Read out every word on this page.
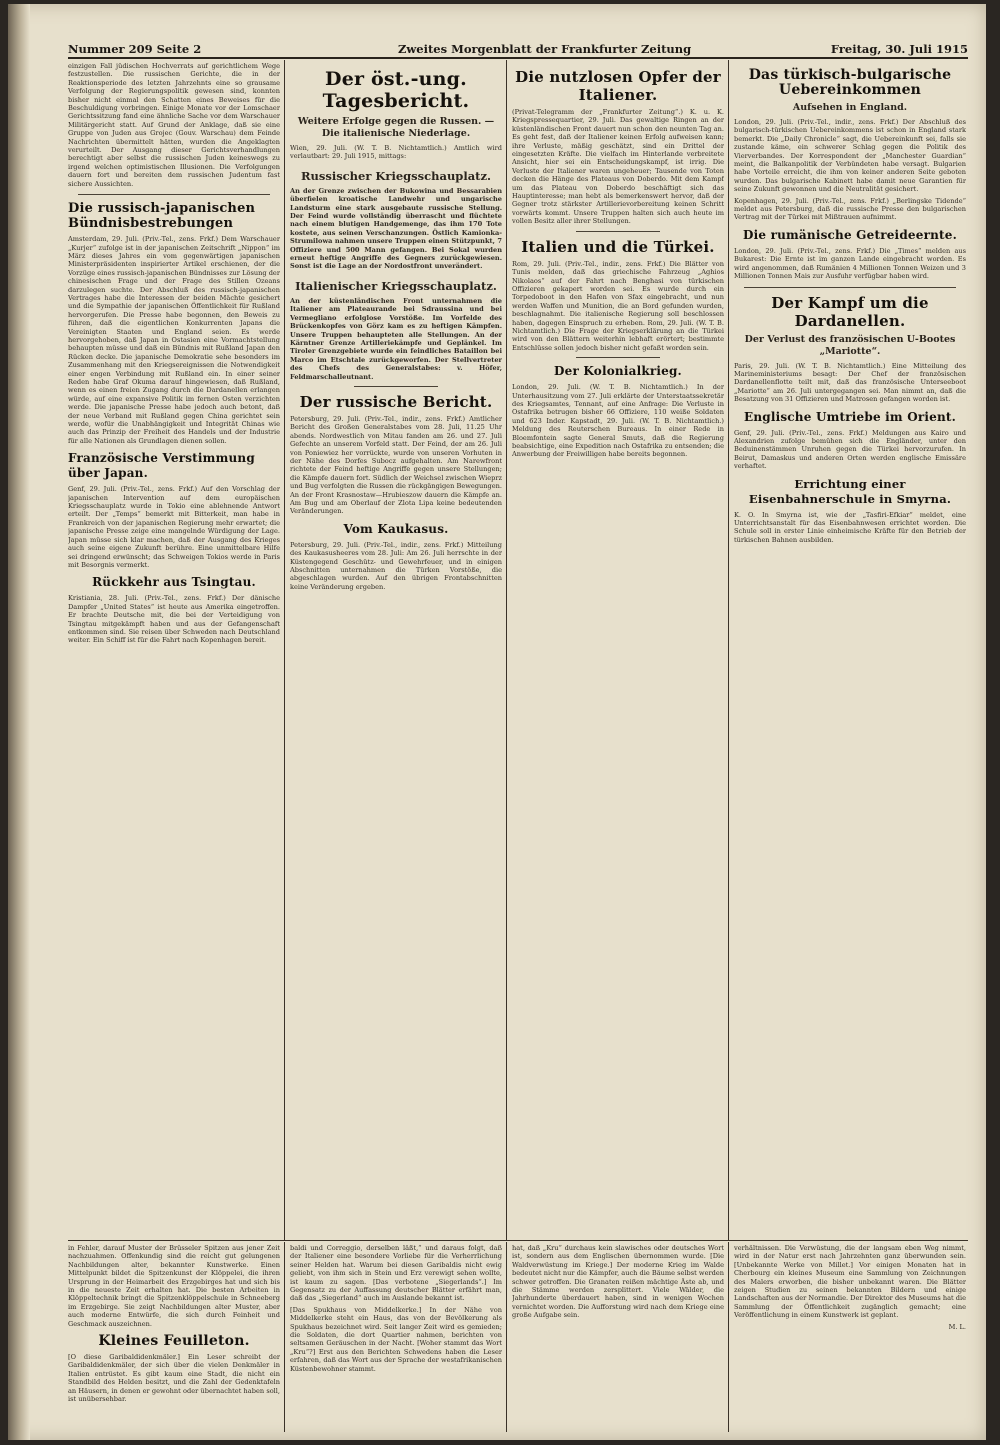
Nummer 209 Seite 2	Zweites Morgenblatt der Frankfurter Zeitung	Freitag, 30. Juli 1915

einzigen Fall jüdischen Hochverrats auf gerichtlichem Wege festzustellen. Die russischen Gerichte, die in der Reaktionsperiode des letzten Jahrzehnts eine so grausame Verfolgung der Regierungspolitik gewesen sind, konnten bisher nicht einmal den Schatten eines Beweises für die Beschuldigung vorbringen. Einige Monate vor der Lomschaer Gerichtssitzung fand eine ähnliche Sache vor dem Warschauer Militärgericht statt. Auf Grund der Anklage, daß sie eine Gruppe von Juden aus Grojec (Gouv. Warschau) dem Feinde Nachrichten übermittelt hätten, wurden die Angeklagten verurteilt. Der Ausgang dieser Gerichtsverhandlungen berechtigt aber selbst die russischen Juden keineswegs zu irgend welchen optimistischen Illusionen. Die Verfolgungen dauern fort und bereiten dem russischen Judentum fast sichere Aussichten.

Die russisch-japanischen Bündnisbestrebungen

Amsterdam, 29. Juli. (Priv.-Tel., zens. Frkf.) Dem Warschauer „Kurjer“ zufolge ist in der japanischen Zeitschrift „Nippon“ im März dieses Jahres ein vom gegenwärtigen japanischen Ministerpräsidenten inspirierter Artikel erschienen, der die Vorzüge eines russisch-japanischen Bündnisses zur Lösung der chinesischen Frage und der Frage des Stillen Ozeans darzulegen suchte. Der Abschluß des russisch-japanischen Vertrages habe die Interessen der beiden Mächte gesichert und die Sympathie der japanischen Öffentlichkeit für Rußland hervorgerufen. Die Presse habe begonnen, den Beweis zu führen, daß die eigentlichen Konkurrenten Japans die Vereinigten Staaten und England seien. Es werde hervorgehoben, daß Japan in Ostasien eine Vormachtstellung behaupten müsse und daß ein Bündnis mit Rußland Japan den Rücken decke. Die japanische Demokratie sehe besonders im Zusammenhang mit den Kriegsereignissen die Notwendigkeit einer engen Verbindung mit Rußland ein. In einer seiner Reden habe Graf Okuma darauf hingewiesen, daß Rußland, wenn es einen freien Zugang durch die Dardanellen erlangen würde, auf eine expansive Politik im fernen Osten verzichten werde. Die japanische Presse habe jedoch auch betont, daß der neue Verband mit Rußland gegen China gerichtet sein werde, wofür die Unabhängigkeit und Integrität Chinas wie auch das Prinzip der Freiheit des Handels und der Industrie für alle Nationen als Grundlagen dienen sollen.

Französische Verstimmung über Japan.

Genf, 29. Juli. (Priv.-Tel., zens. Frkf.) Auf den Vorschlag der japanischen Intervention auf dem europäischen Kriegsschauplatz wurde in Tokio eine ablehnende Antwort erteilt. Der „Temps“ bemerkt mit Bitterkeit, man habe in Frankreich von der japanischen Regierung mehr erwartet; die japanische Presse zeige eine mangelnde Würdigung der Lage. Japan müsse sich klar machen, daß der Ausgang des Krieges auch seine eigene Zukunft berühre. Eine unmittelbare Hilfe sei dringend erwünscht; das Schweigen Tokios werde in Paris mit Besorgnis vermerkt.

Rückkehr aus Tsingtau.

Kristiania, 28. Juli. (Priv.-Tel., zens. Frkf.) Der dänische Dampfer „United States“ ist heute aus Amerika eingetroffen. Er brachte Deutsche mit, die bei der Verteidigung von Tsingtau mitgekämpft haben und aus der Gefangenschaft entkommen sind. Sie reisen über Schweden nach Deutschland weiter. Ein Schiff ist für die Fahrt nach Kopenhagen bereit.

Der öst.-ung. Tagesbericht.
Weitere Erfolge gegen die Russen. — Die italienische Niederlage.

Wien, 29. Juli. (W. T. B. Nichtamtlich.) Amtlich wird verlautbart: 29. Juli 1915, mittags:

Russischer Kriegsschauplatz.

An der Grenze zwischen der Bukowina und Bessarabien überfielen kroatische Landwehr und ungarische Landsturm eine stark ausgebaute russische Stellung. Der Feind wurde vollständig überrascht und flüchtete nach einem blutigen Handgemenge, das ihm 170 Tote kostete, aus seinen Verschanzungen. Östlich Kamionka-Strumilowa nahmen unsere Truppen einen Stützpunkt, 7 Offiziere und 500 Mann gefangen. Bei Sokal wurden erneut heftige Angriffe des Gegners zurückgewiesen. Sonst ist die Lage an der Nordostfront unverändert.

Italienischer Kriegsschauplatz.

An der küstenländischen Front unternahmen die Italiener am Plateaurande bei Sdraussina und bei Vermegliano erfolglose Vorstöße. Im Vorfelde des Brückenkopfes von Görz kam es zu heftigen Kämpfen. Unsere Truppen behaupteten alle Stellungen. An der Kärntner Grenze Artilleriekämpfe und Geplänkel. Im Tiroler Grenzgebiete wurde ein feindliches Bataillon bei Marco im Etschtale zurückgeworfen. Der Stellvertreter des Chefs des Generalstabes: v. Höfer, Feldmarschalleutnant.

Der russische Bericht.

Petersburg, 29. Juli. (Priv.-Tel., indir., zens. Frkf.) Amtlicher Bericht des Großen Generalstabes vom 28. Juli, 11.25 Uhr abends. Nordwestlich von Mitau fanden am 26. und 27. Juli Gefechte an unserem Vorfeld statt. Der Feind, der am 26. Juli von Poniewiez her vorrückte, wurde von unseren Vorhuten in der Nähe des Dorfes Subocz aufgehalten. Am Narewfront richtete der Feind heftige Angriffe gegen unsere Stellungen; die Kämpfe dauern fort. Südlich der Weichsel zwischen Wieprz und Bug verfolgten die Russen die rückgängigen Bewegungen. An der Front Krasnostaw—Hrubieszow dauern die Kämpfe an. Am Bug und am Oberlauf der Zlota Lipa keine bedeutenden Veränderungen.

Vom Kaukasus.

Petersburg, 29. Juli. (Priv.-Tel., indir., zens. Frkf.) Mitteilung des Kaukasusheeres vom 28. Juli: Am 26. Juli herrschte in der Küstengegend Geschütz- und Gewehrfeuer, und in einigen Abschnitten unternahmen die Türken Vorstöße, die abgeschlagen wurden. Auf den übrigen Frontabschnitten keine Veränderung ergeben.

Die nutzlosen Opfer der Italiener.

(Privat-Telegramm der „Frankfurter Zeitung“.) K. u. K. Kriegspressequartier, 29. Juli. Das gewaltige Ringen an der küstenländischen Front dauert nun schon den neunten Tag an. Es geht fest, daß der Italiener keinen Erfolg aufweisen kann; ihre Verluste, mäßig geschätzt, sind ein Drittel der eingesetzten Kräfte. Die vielfach im Hinterlande verbreitete Ansicht, hier sei ein Entscheidungskampf, ist irrig. Die Verluste der Italiener waren ungeheuer; Tausende von Toten decken die Hänge des Plateaus von Doberdo. Mit dem Kampf um das Plateau von Doberdo beschäftigt sich das Hauptinteresse; man hebt als bemerkenswert hervor, daß der Gegner trotz stärkster Artillerievorbereitung keinen Schritt vorwärts kommt. Unsere Truppen halten sich auch heute im vollen Besitz aller ihrer Stellungen.

Italien und die Türkei.

Rom, 29. Juli. (Priv.-Tel., indir., zens. Frkf.) Die Blätter von Tunis melden, daß das griechische Fahrzeug „Aghios Nikolaos“ auf der Fahrt nach Benghasi von türkischen Offizieren gekapert worden sei. Es wurde durch ein Torpedoboot in den Hafen von Sfax eingebracht, und nun werden Waffen und Munition, die an Bord gefunden wurden, beschlagnahmt. Die italienische Regierung soll beschlossen haben, dagegen Einspruch zu erheben. Rom, 29. Juli. (W. T. B. Nichtamtlich.) Die Frage der Kriegserklärung an die Türkei wird von den Blättern weiterhin lebhaft erörtert; bestimmte Entschlüsse sollen jedoch bisher nicht gefaßt worden sein.

Der Kolonialkrieg.

London, 29. Juli. (W. T. B. Nichtamtlich.) In der Unterhausitzung vom 27. Juli erklärte der Unterstaatssekretär des Kriegsamtes, Tennant, auf eine Anfrage: Die Verluste in Ostafrika betrugen bisher 66 Offiziere, 110 weiße Soldaten und 623 Inder. Kapstadt, 29. Juli. (W. T. B. Nichtamtlich.) Meldung des Reuterschen Bureaus. In einer Rede in Bloemfontein sagte General Smuts, daß die Regierung beabsichtige, eine Expedition nach Ostafrika zu entsenden; die Anwerbung der Freiwilligen habe bereits begonnen.

Das türkisch-bulgarische Uebereinkommen
Aufsehen in England.

London, 29. Juli. (Priv.-Tel., indir., zens. Frkf.) Der Abschluß des bulgarisch-türkischen Uebereinkommens ist schon in England stark bemerkt. Die „Daily Chronicle“ sagt, die Uebereinkunft sei, falls sie zustande käme, ein schwerer Schlag gegen die Politik des Vierverbandes. Der Korrespondent der „Manchester Guardian“ meint, die Balkanpolitik der Verbündeten habe versagt. Bulgarien habe Vorteile erreicht, die ihm von keiner anderen Seite geboten wurden. Das bulgarische Kabinett habe damit neue Garantien für seine Zukunft gewonnen und die Neutralität gesichert.

Kopenhagen, 29. Juli. (Priv.-Tel., zens. Frkf.) „Berlingske Tidende“ meldet aus Petersburg, daß die russische Presse den bulgarischen Vertrag mit der Türkei mit Mißtrauen aufnimmt.

Die rumänische Getreideernte.

London, 29. Juli. (Priv.-Tel., zens. Frkf.) Die „Times“ melden aus Bukarest: Die Ernte ist im ganzen Lande eingebracht worden. Es wird angenommen, daß Rumänien 4 Millionen Tonnen Weizen und 3 Millionen Tonnen Mais zur Ausfuhr verfügbar haben wird.

Der Kampf um die Dardanellen.
Der Verlust des französischen U-Bootes „Mariotte“.

Paris, 29. Juli. (W. T. B. Nichtamtlich.) Eine Mitteilung des Marineministeriums besagt: Der Chef der französischen Dardanellenflotte teilt mit, daß das französische Unterseeboot „Mariotte“ am 26. Juli untergegangen sei. Man nimmt an, daß die Besatzung von 31 Offizieren und Matrosen gefangen worden ist.

Englische Umtriebe im Orient.

Genf, 29. Juli. (Priv.-Tel., zens. Frkf.) Meldungen aus Kairo und Alexandrien zufolge bemühen sich die Engländer, unter den Beduinenstämmen Unruhen gegen die Türkei hervorzurufen. In Beirut, Damaskus und anderen Orten werden englische Emissäre verhaftet.

Errichtung einer Eisenbahnerschule in Smyrna.

K. O. In Smyrna ist, wie der „Tasfiri-Efkiar“ meldet, eine Unterrichtsanstalt für das Eisenbahnwesen errichtet worden. Die Schule soll in erster Linie einheimische Kräfte für den Betrieb der türkischen Bahnen ausbilden.

in Fehler, darauf Muster der Brüsseler Spitzen aus jener Zeit nachzuahmen. Offenkundig sind die reicht gut gelungenen Nachbildungen alter, bekannter Kunstwerke. Einen Mittelpunkt bildet die Spitzenkunst der Klöppelei, die ihren Ursprung in der Heimarbeit des Erzgebirges hat und sich bis in die neueste Zeit erhalten hat. Die besten Arbeiten in Klöppeltechnik bringt die Spitzenklöppelschule in Schneeberg im Erzgebirge. Sie zeigt Nachbildungen alter Muster, aber auch moderne Entwürfe, die sich durch Feinheit und Geschmack auszeichnen.

Kleines Feuilleton.

[O diese Garibaldidenkmäler.] Ein Leser schreibt der Garibaldidenkmäler, der sich über die vielen Denkmäler in Italien entrüstet. Es gibt kaum eine Stadt, die nicht ein Standbild des Helden besitzt, und die Zahl der Gedenktafeln an Häusern, in denen er gewohnt oder übernachtet haben soll, ist unübersehbar.

baldi und Correggio, derselben läßt,“ und daraus folgt, daß der Italiener eine besondere Vorliebe für die Verherrlichung seiner Helden hat. Warum bei diesen Garibaldis nicht ewig geliebt, von ihm sich in Stein und Erz verewigt sehen wollte, ist kaum zu sagen. [Das verbotene „Siegerlands“.] Im Gegensatz zu der Auffassung deutscher Blätter erfährt man, daß das „Siegerland“ auch im Auslande bekannt ist.

[Das Spukhaus von Middelkerke.] In der Nähe von Middelkerke steht ein Haus, das von der Bevölkerung als Spukhaus bezeichnet wird. Seit langer Zeit wird es gemieden; die Soldaten, die dort Quartier nahmen, berichten von seltsamen Geräuschen in der Nacht. [Woher stammt das Wort „Kru“?] Erst aus den Berichten Schwedens haben die Leser erfahren, daß das Wort aus der Sprache der westafrikanischen Küstenbewohner stammt.

hat, daß „Kru“ durchaus kein slawisches oder deutsches Wort ist, sondern aus dem Englischen übernommen wurde. [Die Waldverwüstung im Kriege.] Der moderne Krieg im Walde bedeutet nicht nur die Kämpfer, auch die Bäume selbst werden schwer getroffen. Die Granaten reißen mächtige Äste ab, und die Stämme werden zersplittert. Viele Wälder, die Jahrhunderte überdauert haben, sind in wenigen Wochen vernichtet worden. Die Aufforstung wird nach dem Kriege eine große Aufgabe sein.

verhältnissen. Die Verwüstung, die der langsam eben Weg nimmt, wird in der Natur erst nach Jahrzehnten ganz überwunden sein. [Unbekannte Werke von Millet.] Vor einigen Monaten hat in Cherbourg ein kleines Museum eine Sammlung von Zeichnungen des Malers erworben, die bisher unbekannt waren. Die Blätter zeigen Studien zu seinen bekannten Bildern und einige Landschaften aus der Normandie. Der Direktor des Museums hat die Sammlung der Öffentlichkeit zugänglich gemacht; eine Veröffentlichung in einem Kunstwerk ist geplant.

M. L.
